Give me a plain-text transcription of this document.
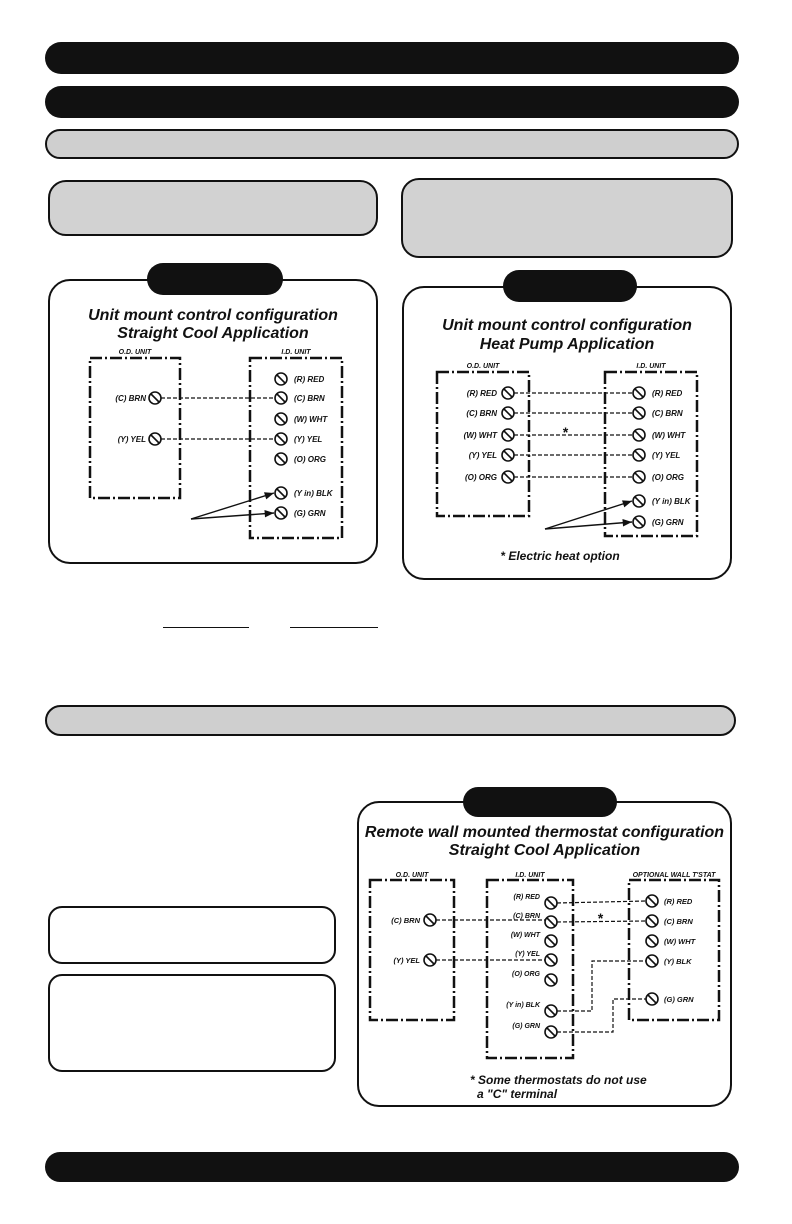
Unit mount control configuration

Straight Cool Application	Unit mount control configuration

Heat Pump Application

Remote wall mounted thermostat configuration

Straight Cool Application

O.D. UNIT	I.D. UNIT
(C) BRN
(Y) YEL
(R) RED
(C) BRN
(W) WHT
(Y) YEL
(O) ORG
(Y in) BLK
(G) GRN
O.D. UNIT	I.D. UNIT
(R) RED
(C) BRN
(W) WHT
(Y) YEL
(O) ORG
(R) RED
(C) BRN
(W) WHT
(Y) YEL
(O) ORG
(Y in) BLK
(G) GRN
*
* Electric heat option
O.D. UNIT	I.D. UNIT	OPTIONAL WALL T'STAT
(C) BRN
(Y) YEL
(R) RED
(C) BRN
(W) WHT
(Y) YEL
(O) ORG
(Y in) BLK
(G) GRN
(R) RED
(C) BRN
(W) WHT
(Y) BLK
(G) GRN
*
* Some thermostats do not use
a "C" terminal
